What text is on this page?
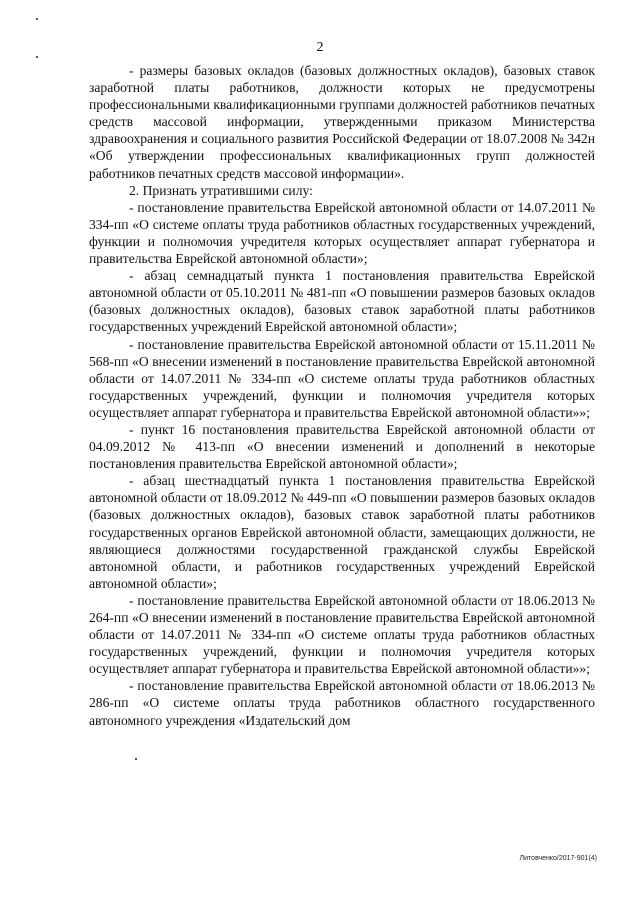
2

- размеры базовых окладов (базовых должностных окладов), базовых ставок заработной платы работников, должности которых не предусмотрены профессиональными квалификационными группами должностей работников печатных средств массовой информации, утвержденными приказом Министерства здравоохранения и социального развития Российской Федерации от 18.07.2008 № 342н «Об утверждении профессиональных квалификационных групп должностей работников печатных средств массовой информации».

2. Признать утратившими силу:

- постановление правительства Еврейской автономной области от 14.07.2011 № 334-пп «О системе оплаты труда работников областных государственных учреждений, функции и полномочия учредителя которых осуществляет аппарат губернатора и правительства Еврейской автономной области»;

- абзац семнадцатый пункта 1 постановления правительства Еврейской автономной области от 05.10.2011 № 481-пп «О повышении размеров базовых окладов (базовых должностных окладов), базовых ставок заработной платы работников государственных учреждений Еврейской автономной области»;

- постановление правительства Еврейской автономной области от 15.11.2011 № 568-пп «О внесении изменений в постановление правительства Еврейской автономной области от 14.07.2011 № 334-пп «О системе оплаты труда работников областных государственных учреждений, функции и полномочия учредителя которых осуществляет аппарат губернатора и правительства Еврейской автономной области»»;

- пункт 16 постановления правительства Еврейской автономной области от 04.09.2012 № 413-пп «О внесении изменений и дополнений в некоторые постановления правительства Еврейской автономной области»;

- абзац шестнадцатый пункта 1 постановления правительства Еврейской автономной области от 18.09.2012 № 449-пп «О повышении размеров базовых окладов (базовых должностных окладов), базовых ставок заработной платы работников государственных органов Еврейской автономной области, замещающих должности, не являющиеся должностями государственной гражданской службы Еврейской автономной области, и работников государственных учреждений Еврейской автономной области»;

- постановление правительства Еврейской автономной области от 18.06.2013 № 264-пп «О внесении изменений в постановление правительства Еврейской автономной области от 14.07.2011 № 334-пп «О системе оплаты труда работников областных государственных учреждений, функции и полномочия учредителя которых осуществляет аппарат губернатора и правительства Еврейской автономной области»»;

- постановление правительства Еврейской автономной области от 18.06.2013 № 286-пп «О системе оплаты труда работников областного государственного автономного учреждения «Издательский дом

Литовченко/2017-901(4)
